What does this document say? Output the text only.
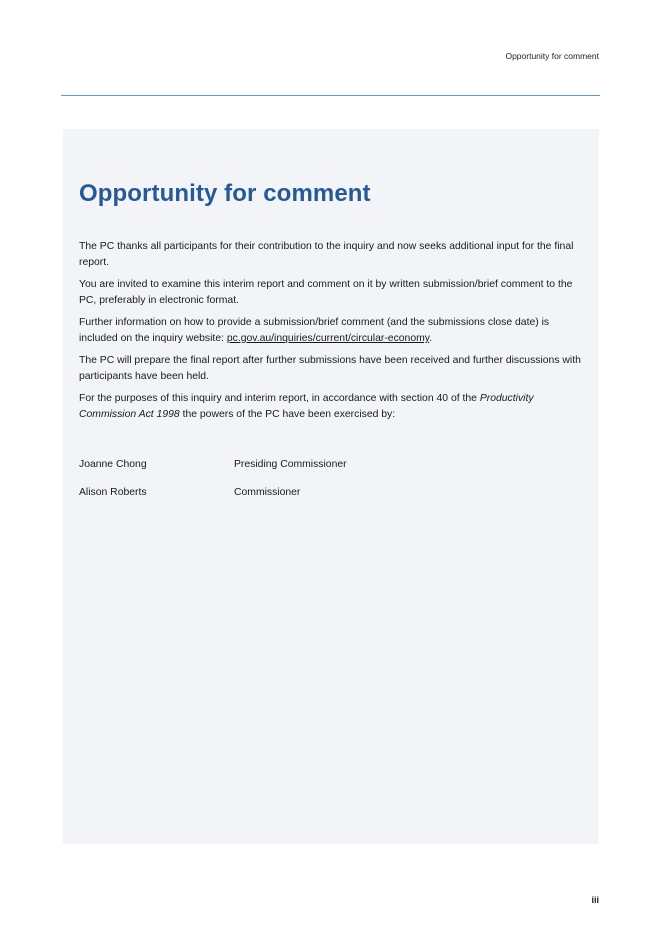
Opportunity for comment
Opportunity for comment

The PC thanks all participants for their contribution to the inquiry and now seeks additional input for the final report.

You are invited to examine this interim report and comment on it by written submission/brief comment to the PC, preferably in electronic format.

Further information on how to provide a submission/brief comment (and the submissions close date) is included on the inquiry website: pc.gov.au/inquiries/current/circular-economy.

The PC will prepare the final report after further submissions have been received and further discussions with participants have been held.

For the purposes of this inquiry and interim report, in accordance with section 40 of the Productivity Commission Act 1998 the powers of the PC have been exercised by:

Joanne Chong	Presiding Commissioner
Alison Roberts	Commissioner
iii
